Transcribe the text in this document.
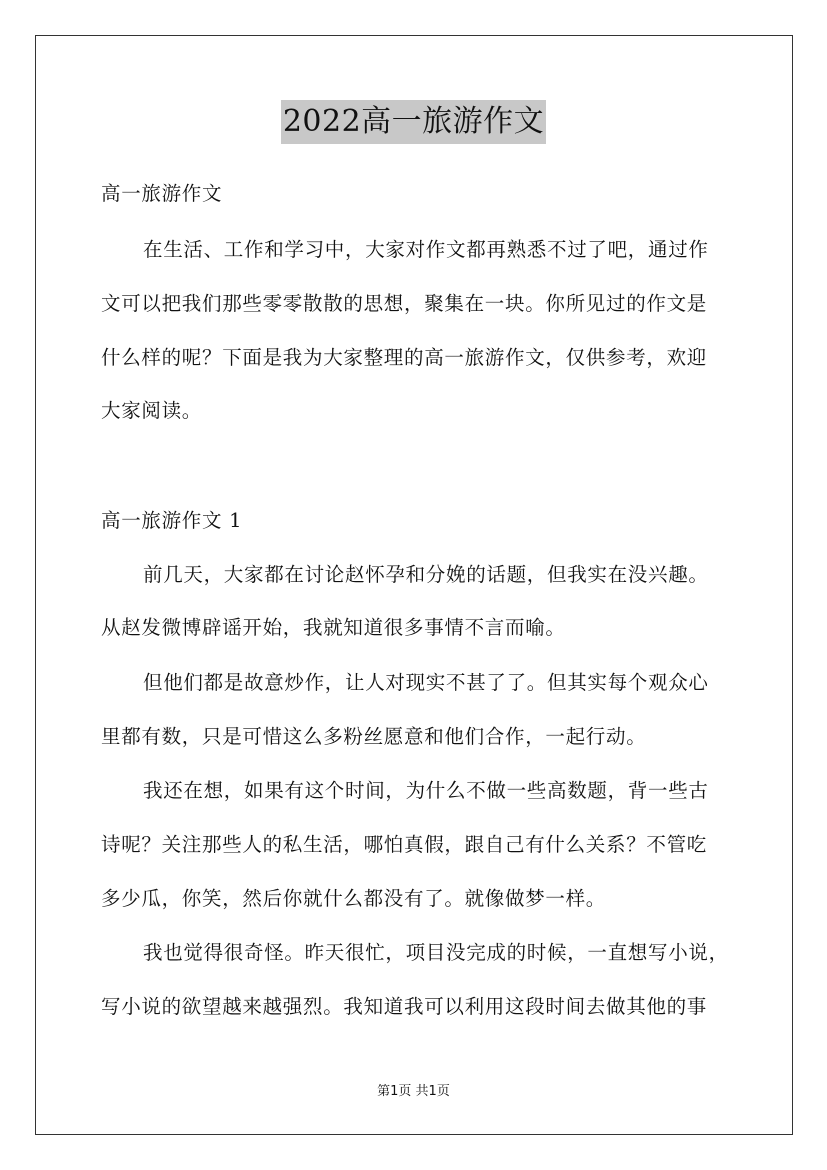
2022高一旅游作文
高一旅游作文
在生活、工作和学习中，大家对作文都再熟悉不过了吧，通过作
文可以把我们那些零零散散的思想，聚集在一块。你所见过的作文是
什么样的呢？下面是我为大家整理的高一旅游作文，仅供参考，欢迎
大家阅读。
高一旅游作文 1
前几天，大家都在讨论赵怀孕和分娩的话题，但我实在没兴趣。
从赵发微博辟谣开始，我就知道很多事情不言而喻。
但他们都是故意炒作，让人对现实不甚了了。但其实每个观众心
里都有数，只是可惜这么多粉丝愿意和他们合作，一起行动。
我还在想，如果有这个时间，为什么不做一些高数题，背一些古
诗呢？关注那些人的私生活，哪怕真假，跟自己有什么关系？不管吃
多少瓜，你笑，然后你就什么都没有了。就像做梦一样。
我也觉得很奇怪。昨天很忙，项目没完成的时候，一直想写小说，
写小说的欲望越来越强烈。我知道我可以利用这段时间去做其他的事
第1页 共1页
